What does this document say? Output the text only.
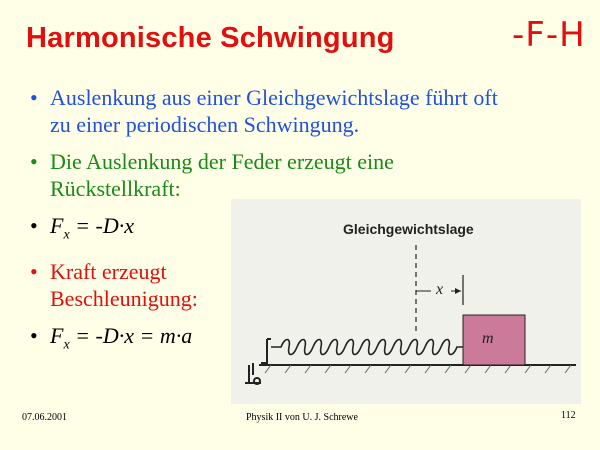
Harmonische Schwingung	-F-H
• Auslenkung aus einer Gleichgewichtslage führt oft zu einer periodischen Schwingung.
• Die Auslenkung der Feder erzeugt eine Rückstellkraft:
• $F_x = -D\cdot x$
• Kraft erzeugt Beschleunigung:
• $F_x = -D\cdot x = m\cdot a$
Gleichgewichtslage
x
m
07.06.2001	Physik II von U. J. Schrewe	112
